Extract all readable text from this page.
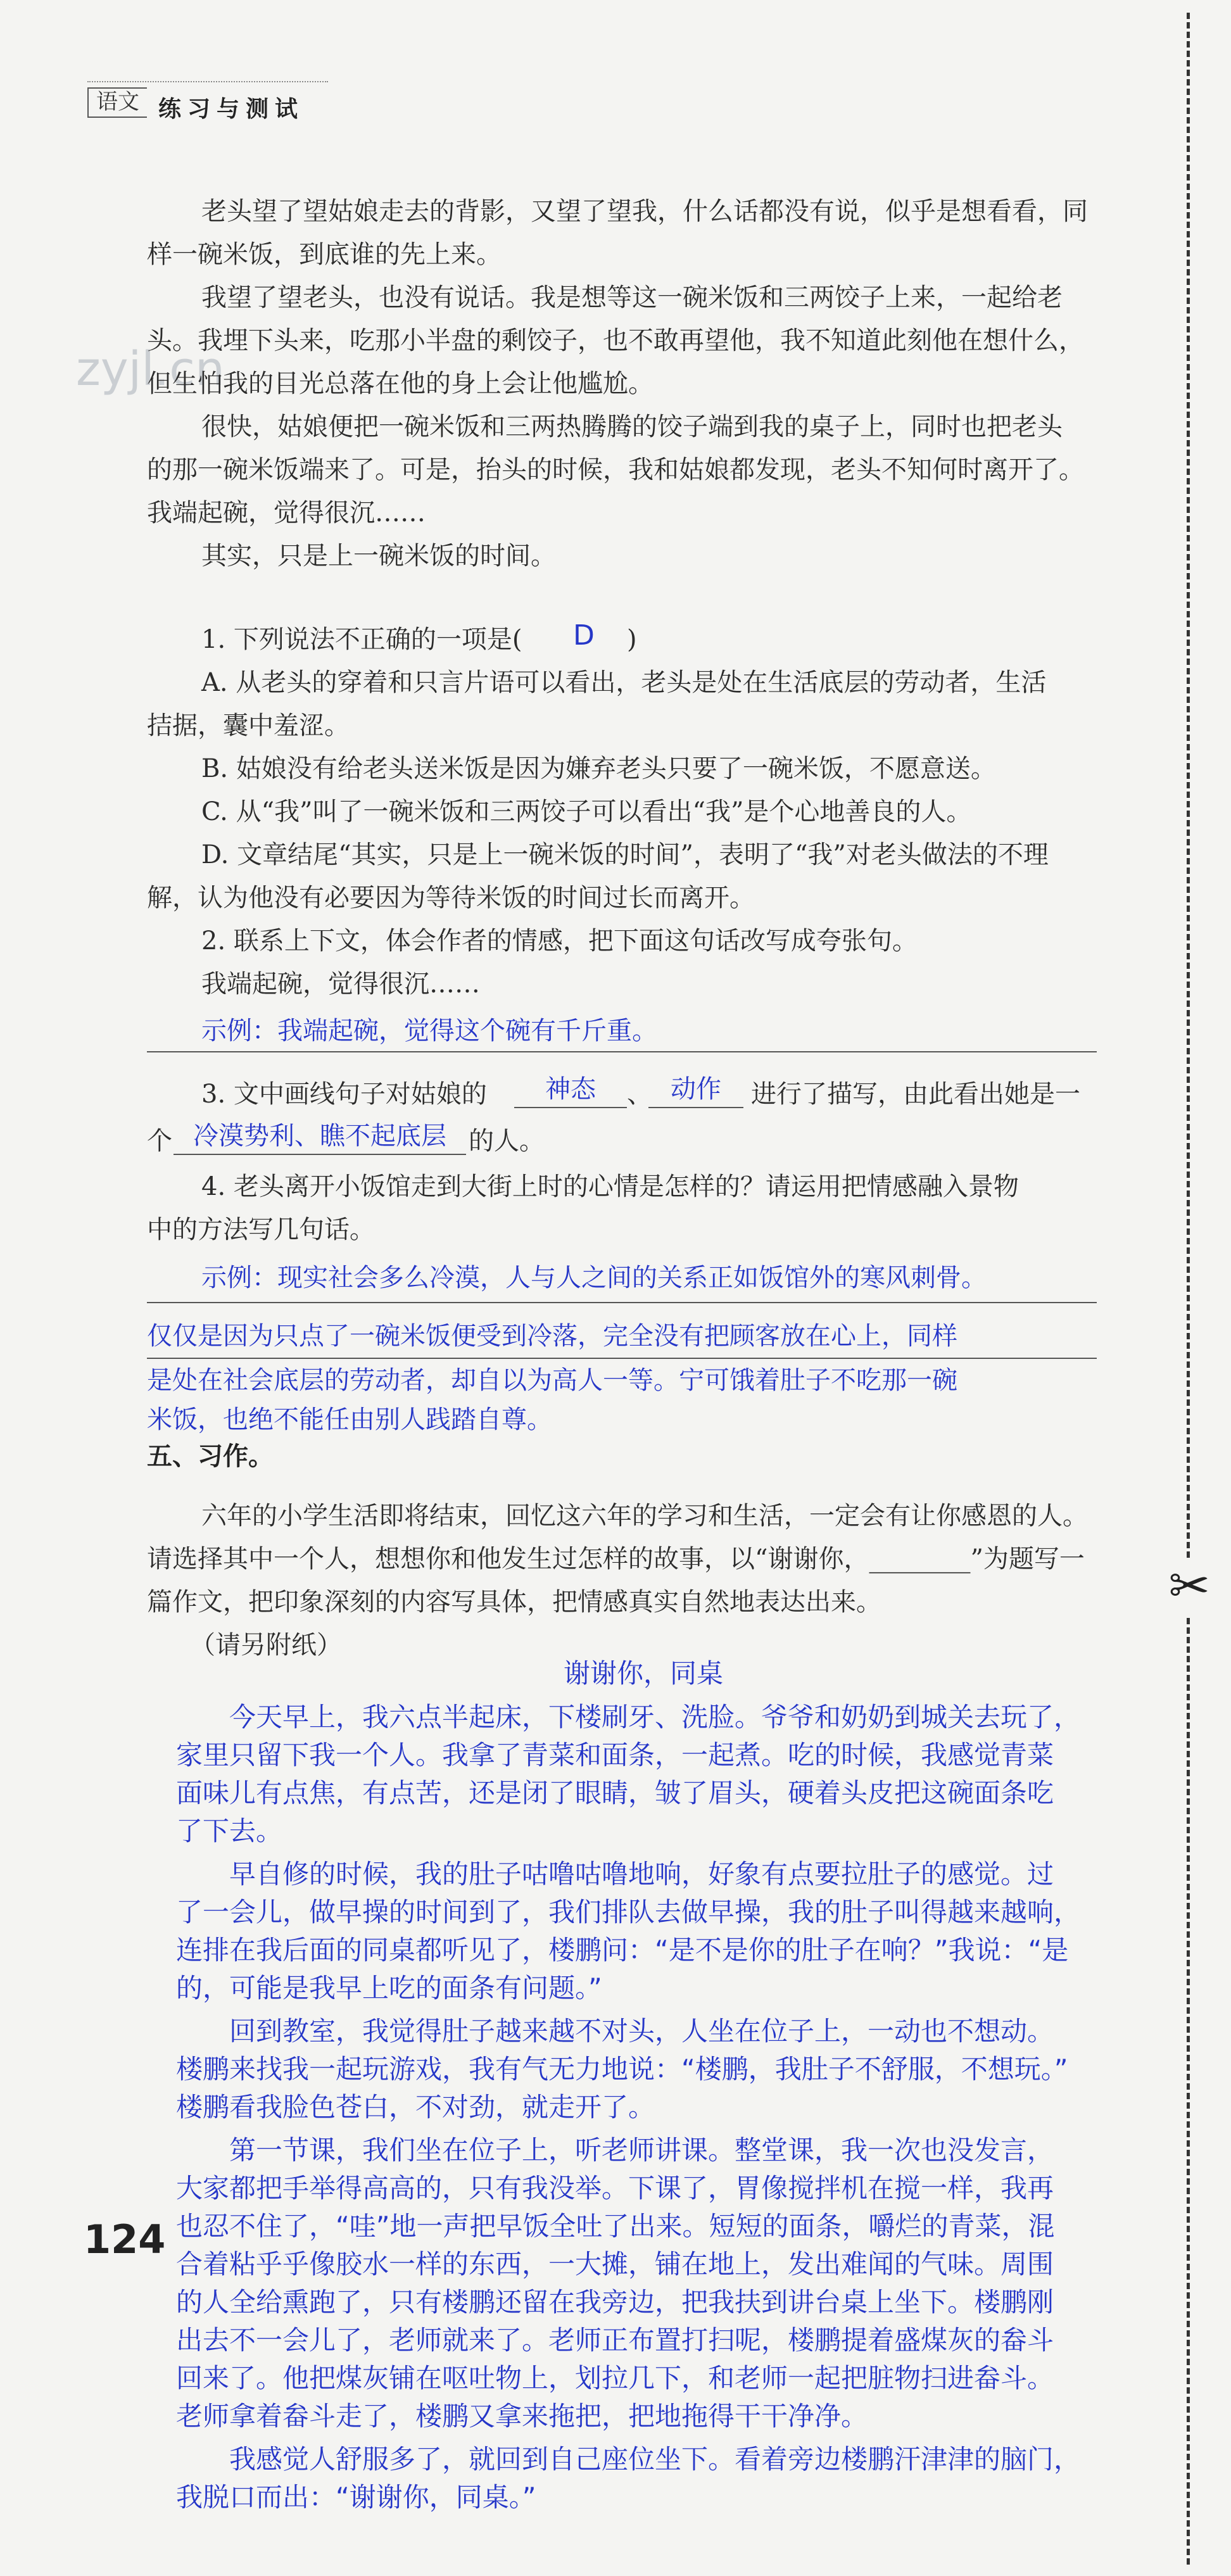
语文 练习与测试
✂
zyjl.cn
老头望了望姑娘走去的背影，又望了望我，什么话都没有说，似乎是想看看，同
样一碗米饭，到底谁的先上来。
我望了望老头，也没有说话。我是想等这一碗米饭和三两饺子上来，一起给老
头。我埋下头来，吃那小半盘的剩饺子，也不敢再望他，我不知道此刻他在想什么，
但生怕我的目光总落在他的身上会让他尴尬。
很快，姑娘便把一碗米饭和三两热腾腾的饺子端到我的桌子上，同时也把老头
的那一碗米饭端来了。可是，抬头的时候，我和姑娘都发现，老头不知何时离开了。
我端起碗，觉得很沉……
其实，只是上一碗米饭的时间。
1. 下列说法不正确的一项是( D )
A. 从老头的穿着和只言片语可以看出，老头是处在生活底层的劳动者，生活
拮据，囊中羞涩。
B. 姑娘没有给老头送米饭是因为嫌弃老头只要了一碗米饭，不愿意送。
C. 从“我”叫了一碗米饭和三两饺子可以看出“我”是个心地善良的人。
D. 文章结尾“其实，只是上一碗米饭的时间”，表明了“我”对老头做法的不理
解，认为他没有必要因为等待米饭的时间过长而离开。
2. 联系上下文，体会作者的情感，把下面这句话改写成夸张句。
我端起碗，觉得很沉……
示例：我端起碗，觉得这个碗有千斤重。
3. 文中画线句子对姑娘的	神态	、 动作	进行了描写，由此看出她是一
个 冷漠势利、瞧不起底层 的人。
4. 老头离开小饭馆走到大街上时的心情是怎样的？请运用把情感融入景物
中的方法写几句话。
示例：现实社会多么冷漠，人与人之间的关系正如饭馆外的寒风刺骨。
仅仅是因为只点了一碗米饭便受到冷落，完全没有把顾客放在心上，同样
是处在社会底层的劳动者，却自以为高人一等。宁可饿着肚子不吃那一碗
米饭，也绝不能任由别人践踏自尊。
五、习作。
六年的小学生活即将结束，回忆这六年的学习和生活，一定会有让你感恩的人。
请选择其中一个人，想想你和他发生过怎样的故事，以“谢谢你，________”为题写一
篇作文，把印象深刻的内容写具体，把情感真实自然地表达出来。
（请另附纸）
谢谢你，同桌
今天早上，我六点半起床，下楼刷牙、洗脸。爷爷和奶奶到城关去玩了，
家里只留下我一个人。我拿了青菜和面条，一起煮。吃的时候，我感觉青菜
面味儿有点焦，有点苦，还是闭了眼睛，皱了眉头，硬着头皮把这碗面条吃
了下去。
早自修的时候，我的肚子咕噜咕噜地响，好象有点要拉肚子的感觉。过
了一会儿，做早操的时间到了，我们排队去做早操，我的肚子叫得越来越响，
连排在我后面的同桌都听见了，楼鹏问：“是不是你的肚子在响？”我说：“是
的，可能是我早上吃的面条有问题。”
回到教室，我觉得肚子越来越不对头，人坐在位子上，一动也不想动。
楼鹏来找我一起玩游戏，我有气无力地说：“楼鹏，我肚子不舒服，不想玩。”
楼鹏看我脸色苍白，不对劲，就走开了。
第一节课，我们坐在位子上，听老师讲课。整堂课，我一次也没发言，
大家都把手举得高高的，只有我没举。下课了，胃像搅拌机在搅一样，我再
也忍不住了，“哇”地一声把早饭全吐了出来。短短的面条，嚼烂的青菜，混
合着粘乎乎像胶水一样的东西，一大摊，铺在地上，发出难闻的气味。周围
的人全给熏跑了，只有楼鹏还留在我旁边，把我扶到讲台桌上坐下。楼鹏刚
出去不一会儿了，老师就来了。老师正布置打扫呢，楼鹏提着盛煤灰的畚斗
回来了。他把煤灰铺在呕吐物上，划拉几下，和老师一起把脏物扫进畚斗。
老师拿着畚斗走了，楼鹏又拿来拖把，把地拖得干干净净。
我感觉人舒服多了，就回到自己座位坐下。看着旁边楼鹏汗津津的脑门，
我脱口而出：“谢谢你，同桌。”
124
